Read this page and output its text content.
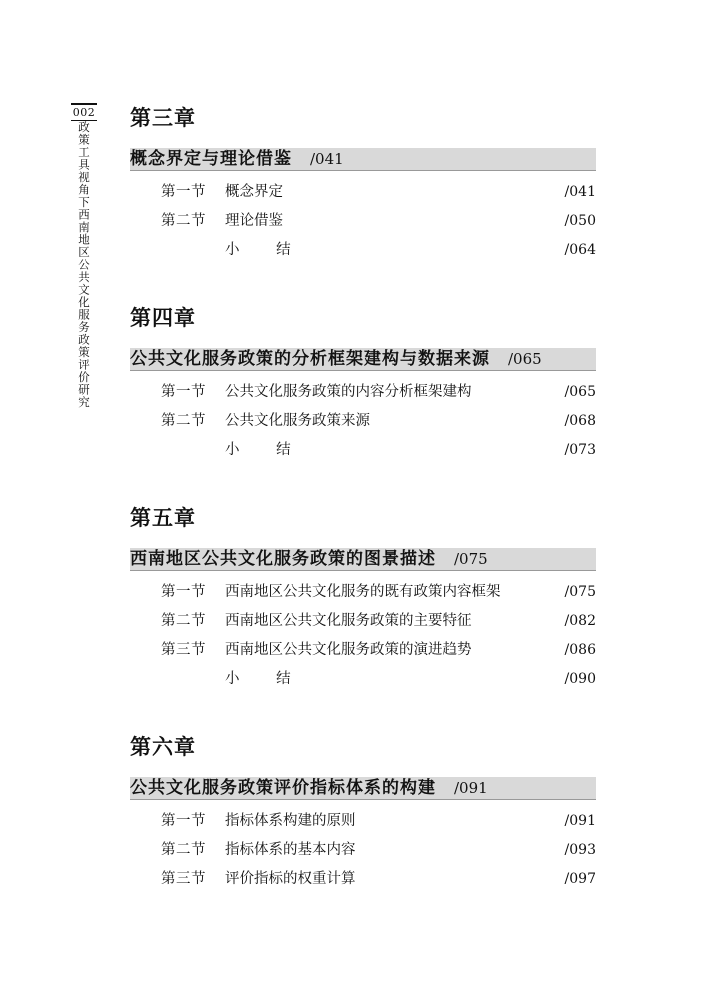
002
政策工具视角下西南地区公共文化服务政策评价研究
第三章
概念界定与理论借鉴 /041
第一节 概念界定	/041
第二节 理论借鉴	/050
小 结	/064
第四章
公共文化服务政策的分析框架建构与数据来源 /065
第一节 公共文化服务政策的内容分析框架建构	/065
第二节 公共文化服务政策来源	/068
小 结	/073
第五章
西南地区公共文化服务政策的图景描述 /075
第一节 西南地区公共文化服务的既有政策内容框架	/075
第二节 西南地区公共文化服务政策的主要特征	/082
第三节 西南地区公共文化服务政策的演进趋势	/086
小 结	/090
第六章
公共文化服务政策评价指标体系的构建 /091
第一节 指标体系构建的原则	/091
第二节 指标体系的基本内容	/093
第三节 评价指标的权重计算	/097
